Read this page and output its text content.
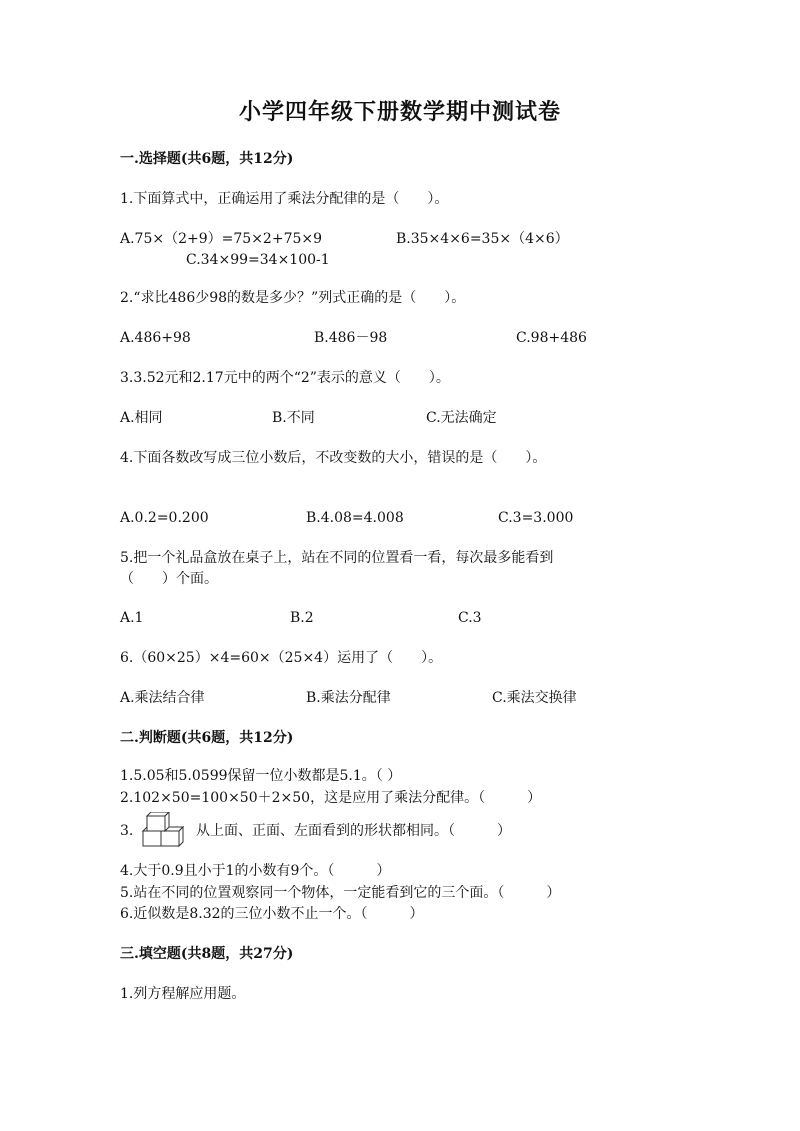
小学四年级下册数学期中测试卷
一.选择题(共6题，共12分)
1.下面算式中，正确运用了乘法分配律的是（　　）。
A.75×（2+9）=75×2+75×9	B.35×4×6=35×（4×6）
C.34×99=34×100-1
2.“求比486少98的数是多少？”列式正确的是（　　）。
A.486+98	B.486－98	C.98+486
3.3.52元和2.17元中的两个“2”表示的意义（　　）。
A.相同	B.不同	C.无法确定
4.下面各数改写成三位小数后，不改变数的大小，错误的是（　　）。
A.0.2=0.200	B.4.08=4.008	C.3=3.000
5.把一个礼品盒放在桌子上，站在不同的位置看一看，每次最多能看到
（　　）个面。
A.1	B.2	C.3
6.（60×25）×4=60×（25×4）运用了（　　）。
A.乘法结合律	B.乘法分配律	C.乘法交换律
二.判断题(共6题，共12分)
1.5.05和5.0599保留一位小数都是5.1。（ ）
2.102×50=100×50＋2×50，这是应用了乘法分配律。（　　　）
3.	从上面、正面、左面看到的形状都相同。（　　　）
4.大于0.9且小于1的小数有9个。（　　　）
5.站在不同的位置观察同一个物体，一定能看到它的三个面。（　　　）
6.近似数是8.32的三位小数不止一个。（　　　）
三.填空题(共8题，共27分)
1.列方程解应用题。
